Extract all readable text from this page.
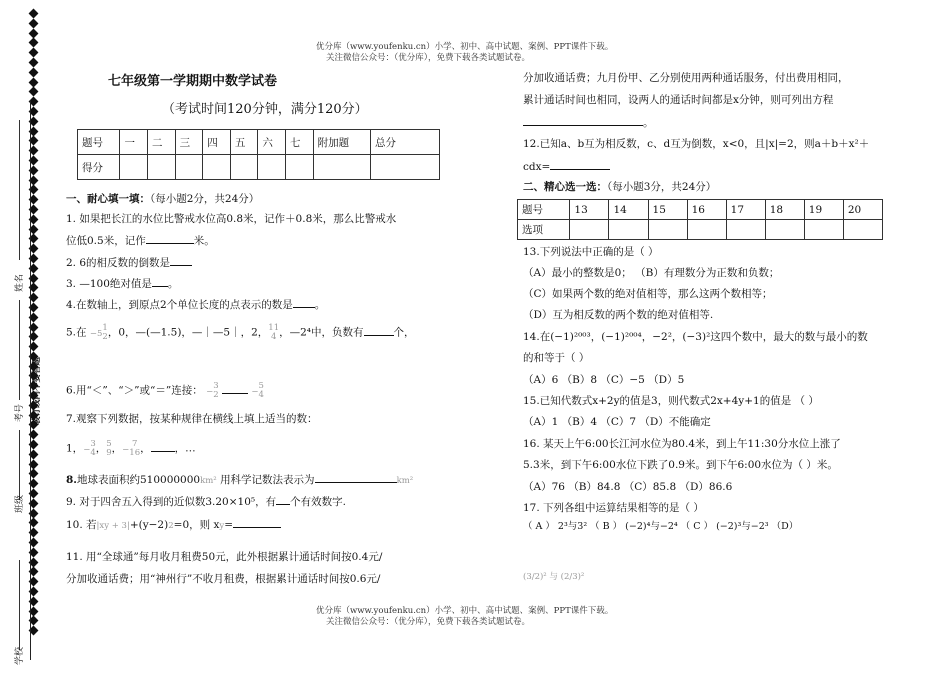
优分库（www.youfenku.cn）小学、初中、高中试题、案例、PPT课件下载。
关注微信公众号：（优分库），免费下载各类试题试卷。
姓名
考号
班级
学校
装订线内不要答题
七年级第一学期期中数学试卷
（考试时间120分钟，满分120分）
题号	一	二	三	四	五	六	七	附加题	总分
得分									
一、耐心填一填：（每小题2分，共24分）
1. 如果把长江的水位比警戒水位高0.8米，记作＋0.8米，那么比警戒水
位低0.5米，记作	米。
2. 6的相反数的倒数是
3. —100绝对值是 。
4.在数轴上，到原点2个单位长度的点表示的数是 。
5.在 −51
2，0，—(—1.5)，—｜—5｜，2，11
4 ，—2⁴中，负数有	个，
6.用“＜”、“＞”或“＝”连接： −3
2	−5
4
7.观察下列数据，按某种规律在横线上填上适当的数：
1，−3
4，5
9，−7
16， ，…
8.地球表面积约510000000km² 用科学记数法表示为	km²
9. 对于四舍五入得到的近似数3.20×10⁵，有 个有效数字.
10. 若|xy + 3|+(y−2)2=0，则 xy=
11. 用“全球通”每月收月租费50元，此外根据累计通话时间按0.4元/
分加收通话费；用“神州行”不收月租费，根据累计通话时间按0.6元/
分加收通话费；九月份甲、乙分别使用两种通话服务，付出费用相同，
累计通话时间也相同，设两人的通话时间都是x分钟，则可列出方程
。
12.已知a、b互为相反数，c、d互为倒数，x<0，且|x|=2，则a＋b＋x²＋
cdx=
二、精心选一选：（每小题3分，共24分）
题号	13	14	15	16	17	18	19	20
选项								
13.下列说法中正确的是（ ）
（A）最小的整数是0； （B）有理数分为正数和负数；
（C）如果两个数的绝对值相等，那么这两个数相等；
（D）互为相反数的两个数的绝对值相等.
14.在(−1)²⁰⁰³，(−1)²⁰⁰⁴，−2²，(−3)²这四个数中，最大的数与最小的数
的和等于（ ）
（A）6 （B）8 （C）−5 （D）5
15.已知代数式x+2y的值是3，则代数式2x+4y+1的值是 （ ）
（A）1 （B）4 （C）7 （D）不能确定
16. 某天上午6:00长江河水位为80.4米，到上午11:30分水位上涨了
5.3米，到下午6:00水位下跌了0.9米。到下午6:00水位为（ ）米。
（A）76 （B）84.8 （C）85.8 （D）86.6
17. 下列各组中运算结果相等的是（ ）
（ A ） 2³与3² （ B ） (−2)⁴与−2⁴ （ C ） (−2)³与−2³ （D）
(3/2)² 与 (2/3)²
优分库（www.youfenku.cn）小学、初中、高中试题、案例、PPT课件下载。
关注微信公众号：（优分库），免费下载各类试题试卷。
